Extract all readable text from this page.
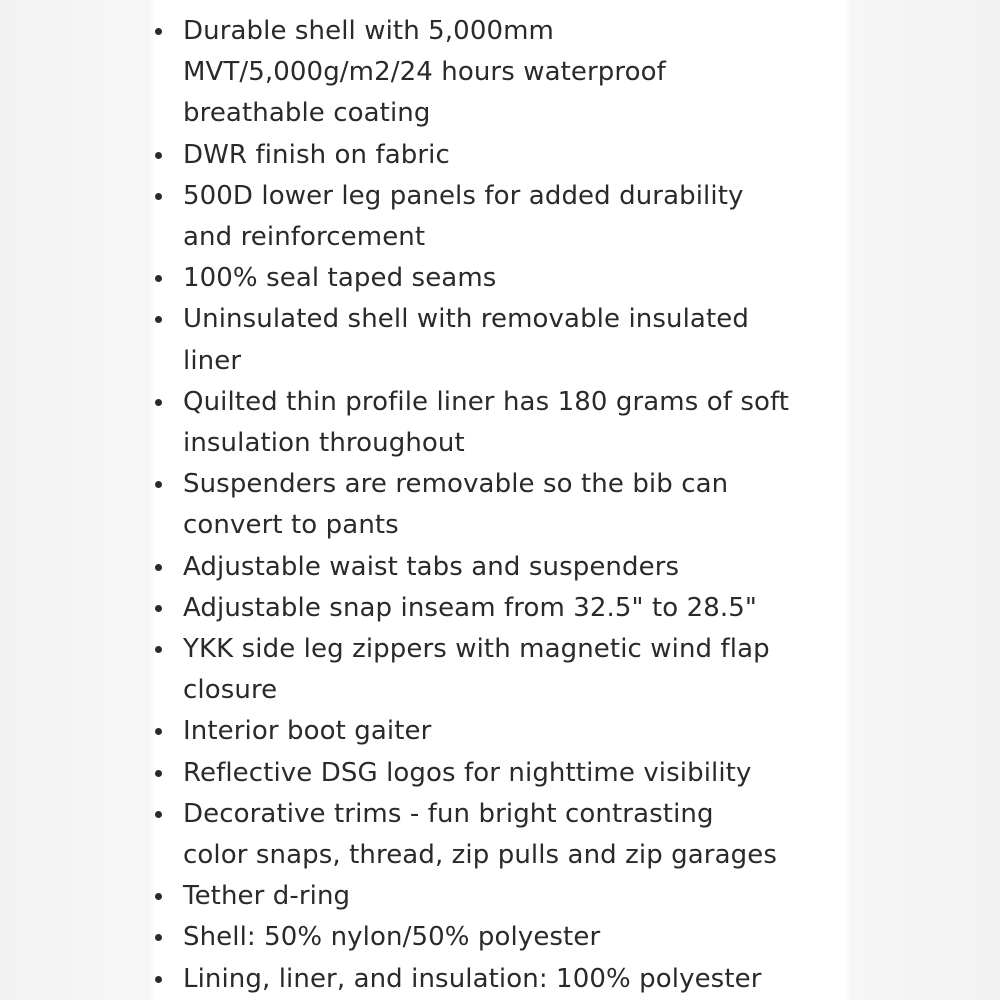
Durable shell with 5,000mm
MVT/5,000g/m2/24 hours waterproof
breathable coating
DWR finish on fabric
500D lower leg panels for added durability
and reinforcement
100% seal taped seams
Uninsulated shell with removable insulated
liner
Quilted thin profile liner has 180 grams of soft
insulation throughout
Suspenders are removable so the bib can
convert to pants
Adjustable waist tabs and suspenders
Adjustable snap inseam from 32.5" to 28.5"
YKK side leg zippers with magnetic wind flap
closure
Interior boot gaiter
Reflective DSG logos for nighttime visibility
Decorative trims - fun bright contrasting
color snaps, thread, zip pulls and zip garages
Tether d-ring
Shell: 50% nylon/50% polyester
Lining, liner, and insulation: 100% polyester
